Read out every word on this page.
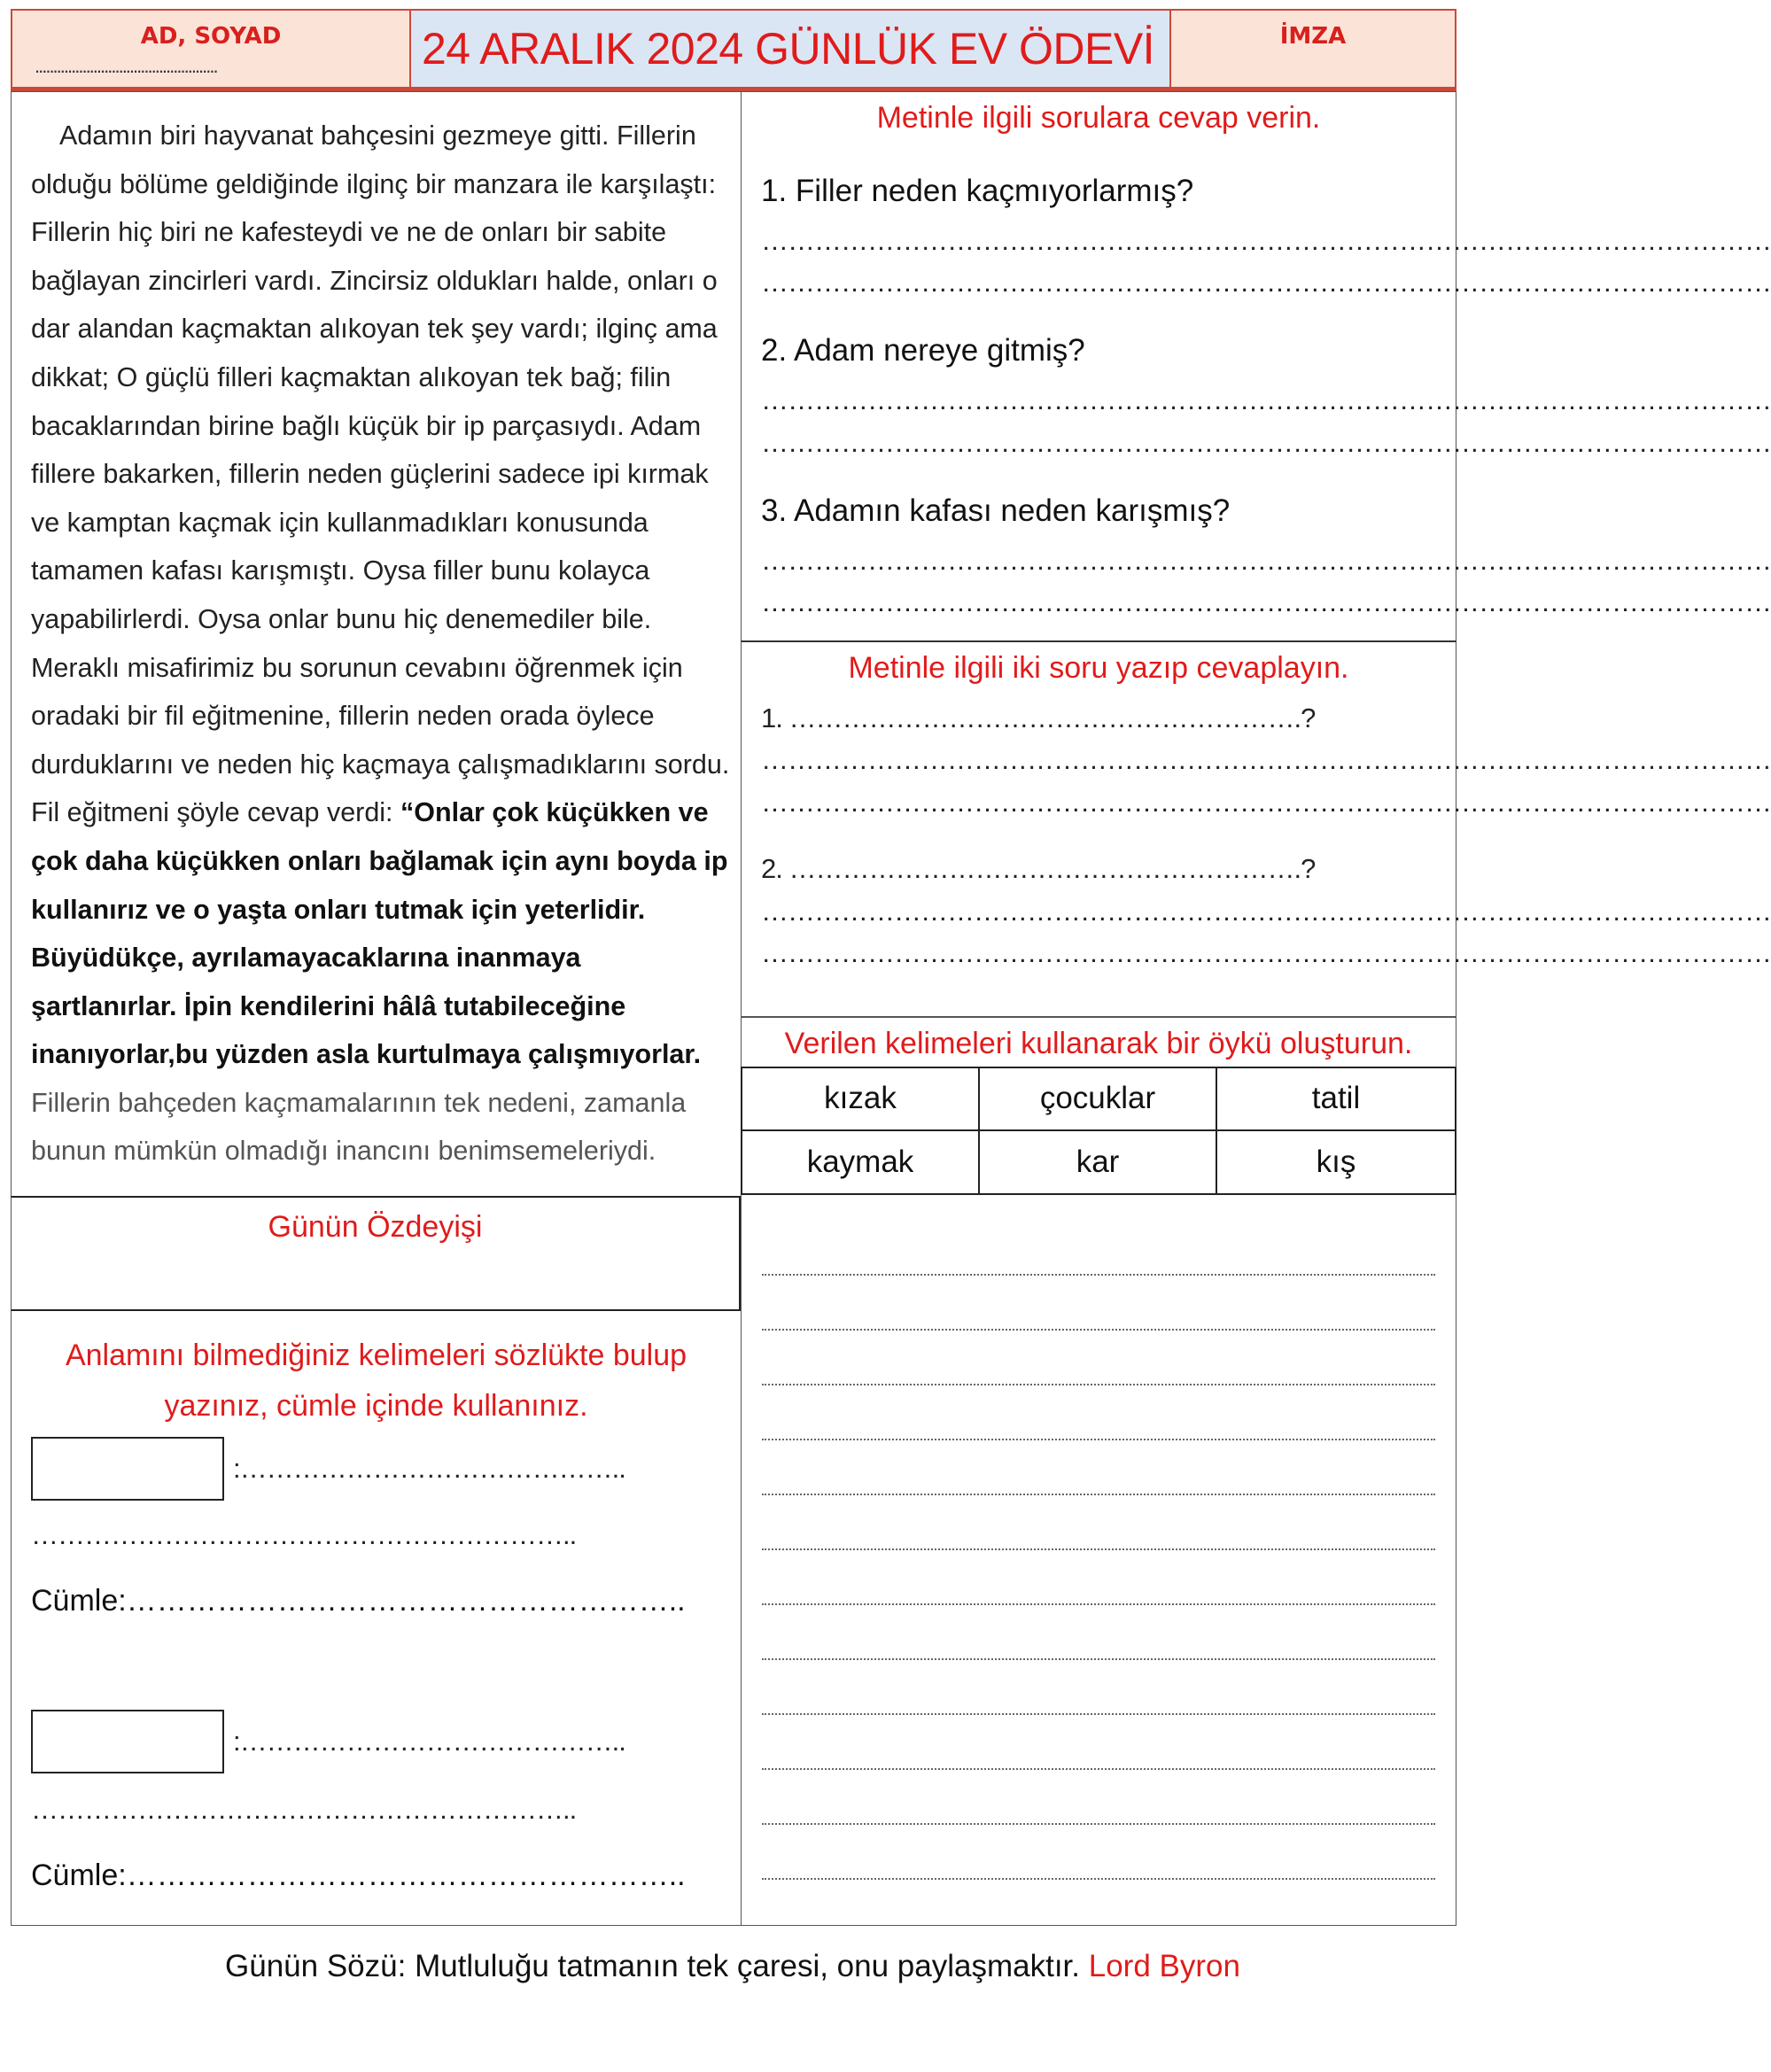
AD, SOYAD
..................................................	24 ARALIK 2024 GÜNLÜK EV ÖDEVİ	İMZA

Adamın biri hayvanat bahçesini gezmeye gitti. Fillerin olduğu bölüme geldiğinde ilginç bir manzara ile karşılaştı: Fillerin hiç biri ne kafesteydi ve ne de onları bir sabite bağlayan zincirleri vardı. Zincirsiz oldukları halde, onları o dar alandan kaçmaktan alıkoyan tek şey vardı; ilginç ama dikkat; O güçlü filleri kaçmaktan alıkoyan tek bağ; filin bacaklarından birine bağlı küçük bir ip parçasıydı. Adam fillere bakarken, fillerin neden güçlerini sadece ipi kırmak ve kamptan kaçmak için kullanmadıkları konusunda tamamen kafası karışmıştı. Oysa filler bunu kolayca yapabilirlerdi. Oysa onlar bunu hiç denemediler bile. Meraklı misafirimiz bu sorunun cevabını öğrenmek için oradaki bir fil eğitmenine, fillerin neden orada öylece durduklarını ve neden hiç kaçmaya çalışmadıklarını sordu. Fil eğitmeni şöyle cevap verdi: “Onlar çok küçükken ve çok daha küçükken onları bağlamak için aynı boyda ip kullanırız ve o yaşta onları tutmak için yeterlidir. Büyüdükçe, ayrılamayacaklarına inanmaya şartlanırlar. İpin kendilerini hâlâ tutabileceğine inanıyorlar,bu yüzden asla kurtulmaya çalışmıyorlar. Fillerin bahçeden kaçmamalarının tek nedeni, zamanla bunun mümkün olmadığı inancını benimsemeleriydi.

Günün Özdeyişi
Anlamını bilmediğiniz kelimeleri sözlükte bulup yazınız, cümle içinde kullanınız.
:……………………………………..
……………………………………………………..
Cümle:………………………………………………..
:……………………………………..
……………………………………………………..
Cümle:………………………………………………..
Metinle ilgili sorulara cevap verin.
1. Filler neden kaçmıyorlarmış?
……………………………………………………………………………………………………
……………………………………………………………………………………………………
2. Adam nereye gitmiş?
……………………………………………………………………………………………………
……………………………………………………………………………………………………
3. Adamın kafası neden karışmış?
……………………………………………………………………………………………………
……………………………………………………………………………………………………
Metinle ilgili iki soru yazıp cevaplayın.
1. ………………………………………………….?
……………………………………………………………………………………………………
……………………………………………………………………………………………………
2. ………………………………………………….?
……………………………………………………………………………………………………
……………………………………………………………………………………………………
Verilen kelimeleri kullanarak bir öykü oluşturun.
kızak	çocuklar	tatil
kaymak	kar	kış
Günün Sözü: Mutluluğu tatmanın tek çaresi, onu paylaşmaktır. Lord Byron
